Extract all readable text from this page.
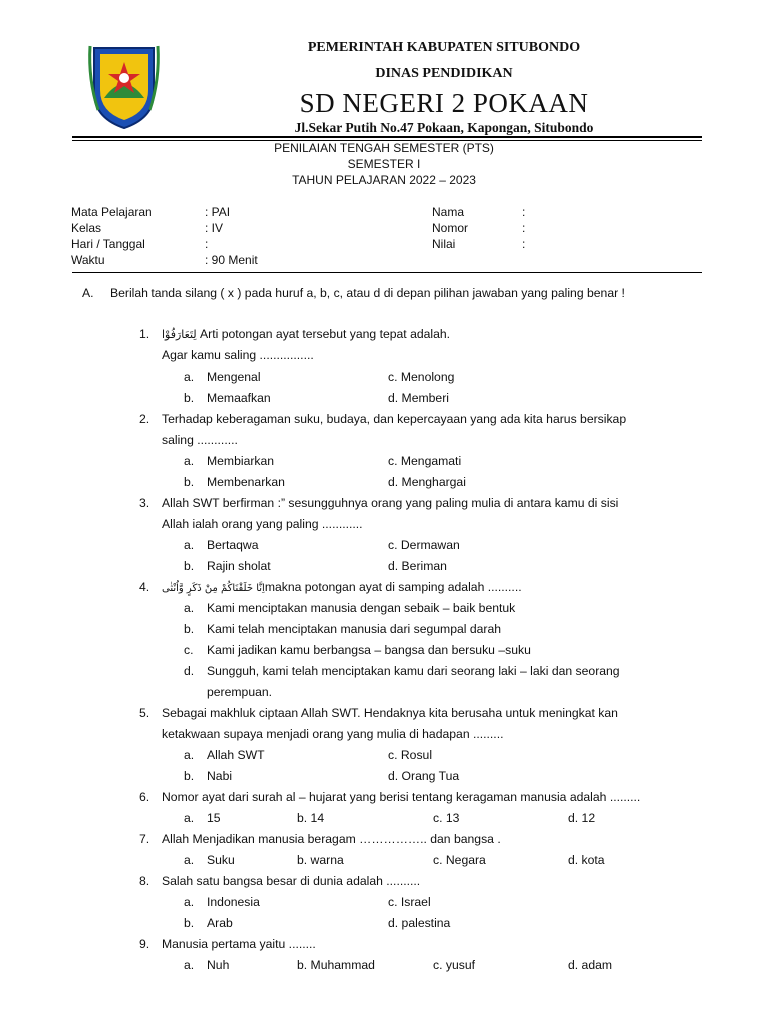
PEMERINTAH KABUPATEN SITUBONDO
DINAS PENDIDIKAN
SD NEGERI 2 POKAAN
Jl.Sekar Putih No.47 Pokaan, Kapongan, Situbondo
PENILAIAN TENGAH SEMESTER (PTS)
SEMESTER I
TAHUN PELAJARAN 2022 – 2023
Mata Pelajaran	: PAI
Kelas	: IV
Hari / Tanggal	:
Waktu	: 90 Menit
Nama	:
Nomor	:
Nilai	:
A. Berilah tanda silang ( x ) pada huruf a, b, c, atau d di depan pilihan jawaban yang paling benar !
1. لِتَعَارَفُوْا Arti potongan ayat tersebut yang tepat adalah.
Agar kamu saling ................
a. Mengenal	c. Menolong
b. Memaafkan	d. Memberi
2. Terhadap keberagaman suku, budaya, dan kepercayaan yang ada kita harus bersikap
saling ............
a. Membiarkan	c. Mengamati
b. Membenarkan	d. Menghargai
3. Allah SWT berfirman :” sesungguhnya orang yang paling mulia di antara kamu di sisi
Allah ialah orang yang paling ............
a. Bertaqwa	c. Dermawan
b. Rajin sholat	d. Beriman
4. اِنَّا خَلَقْنَاكُمْ مِنْ ذَكَرٍ وَّاُنْثٰىmakna potongan ayat di samping adalah ..........
a. Kami menciptakan manusia dengan sebaik – baik bentuk
b. Kami telah menciptakan manusia dari segumpal darah
c. Kami jadikan kamu berbangsa – bangsa dan bersuku –suku
d. Sungguh, kami telah menciptakan kamu dari seorang laki – laki dan seorang
perempuan.
5. Sebagai makhluk ciptaan Allah SWT. Hendaknya kita berusaha untuk meningkat kan
ketakwaan supaya menjadi orang yang mulia di hadapan .........
a. Allah SWT	c. Rosul
b. Nabi	d. Orang Tua
6. Nomor ayat dari surah al – hujarat yang berisi tentang keragaman manusia adalah .........
a. 15	b. 14	c. 13	d. 12
7. Allah Menjadikan manusia beragam …………….. dan bangsa .
a. Suku	b. warna	c. Negara	d. kota
8. Salah satu bangsa besar di dunia adalah ..........
a. Indonesia	c. Israel
b. Arab	d. palestina
9. Manusia pertama yaitu ........
a. Nuh	b. Muhammad	c. yusuf	d. adam
